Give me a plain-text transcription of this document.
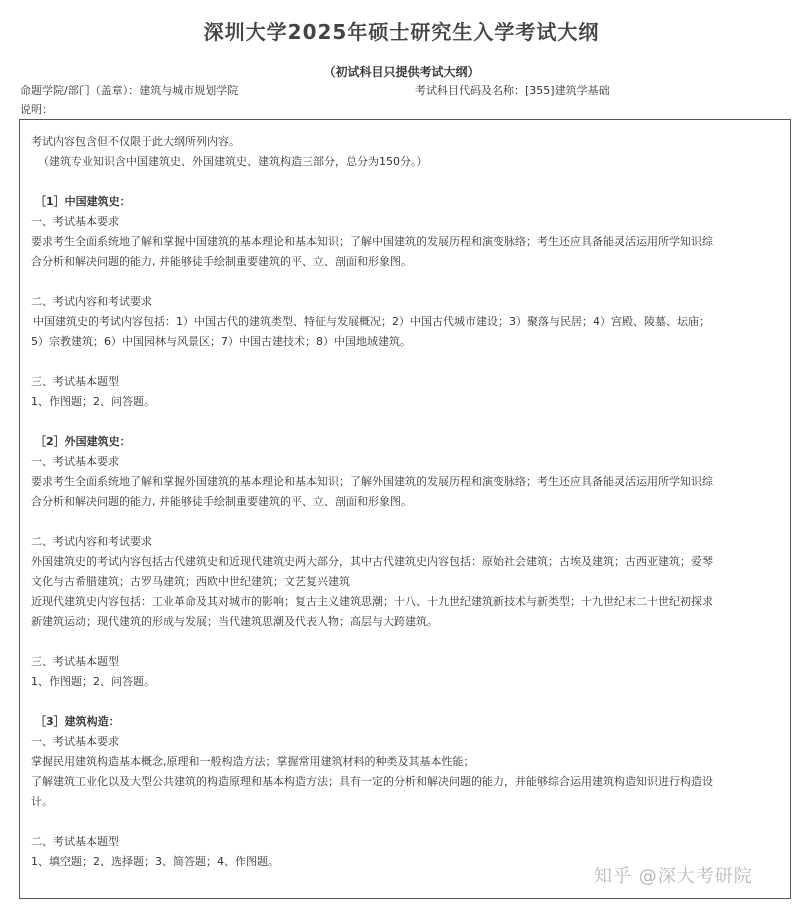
深圳大学2025年硕士研究生入学考试大纲
（初试科目只提供考试大纲）
命题学院/部门（盖章）：建筑与城市规划学院	考试科目代码及名称：[355]建筑学基础
说明：
考试内容包含但不仅限于此大纲所列内容。
（建筑专业知识含中国建筑史、外国建筑史、建筑构造三部分，总分为150分。）
［1］中国建筑史：
一、考试基本要求
要求考生全面系统地了解和掌握中国建筑的基本理论和基本知识；了解中国建筑的发展历程和演变脉络；考生还应具备能灵活运用所学知识综
合分析和解决问题的能力, 并能够徒手绘制重要建筑的平、立、剖面和形象图。
二、考试内容和考试要求
中国建筑史的考试内容包括：1）中国古代的建筑类型、特征与发展概况；2）中国古代城市建设；3）聚落与民居；4）宫殿、陵墓、坛庙；
5）宗教建筑；6）中国园林与风景区；7）中国古建技术；8）中国地域建筑。
三、考试基本题型
1、作图题；2、问答题。
［2］外国建筑史：
一、考试基本要求
要求考生全面系统地了解和掌握外国建筑的基本理论和基本知识；了解外国建筑的发展历程和演变脉络；考生还应具备能灵活运用所学知识综
合分析和解决问题的能力, 并能够徒手绘制重要建筑的平、立、剖面和形象图。
二、考试内容和考试要求
外国建筑史的考试内容包括古代建筑史和近现代建筑史两大部分，其中古代建筑史内容包括：原始社会建筑；古埃及建筑；古西亚建筑；爱琴
文化与古希腊建筑；古罗马建筑；西欧中世纪建筑；文艺复兴建筑
近现代建筑史内容包括：工业革命及其对城市的影响；复古主义建筑思潮；十八、十九世纪建筑新技术与新类型；十九世纪末二十世纪初探求
新建筑运动；现代建筑的形成与发展；当代建筑思潮及代表人物；高层与大跨建筑。
三、考试基本题型
1、作图题；2、问答题。
［3］建筑构造：
一、考试基本要求
掌握民用建筑构造基本概念,原理和一般构造方法；掌握常用建筑材料的种类及其基本性能；
了解建筑工业化以及大型公共建筑的构造原理和基本构造方法；具有一定的分析和解决问题的能力，并能够综合运用建筑构造知识进行构造设
计。
二、考试基本题型
1、填空题；2、选择题；3、简答题；4、作图题。
知乎 @深大考研院
